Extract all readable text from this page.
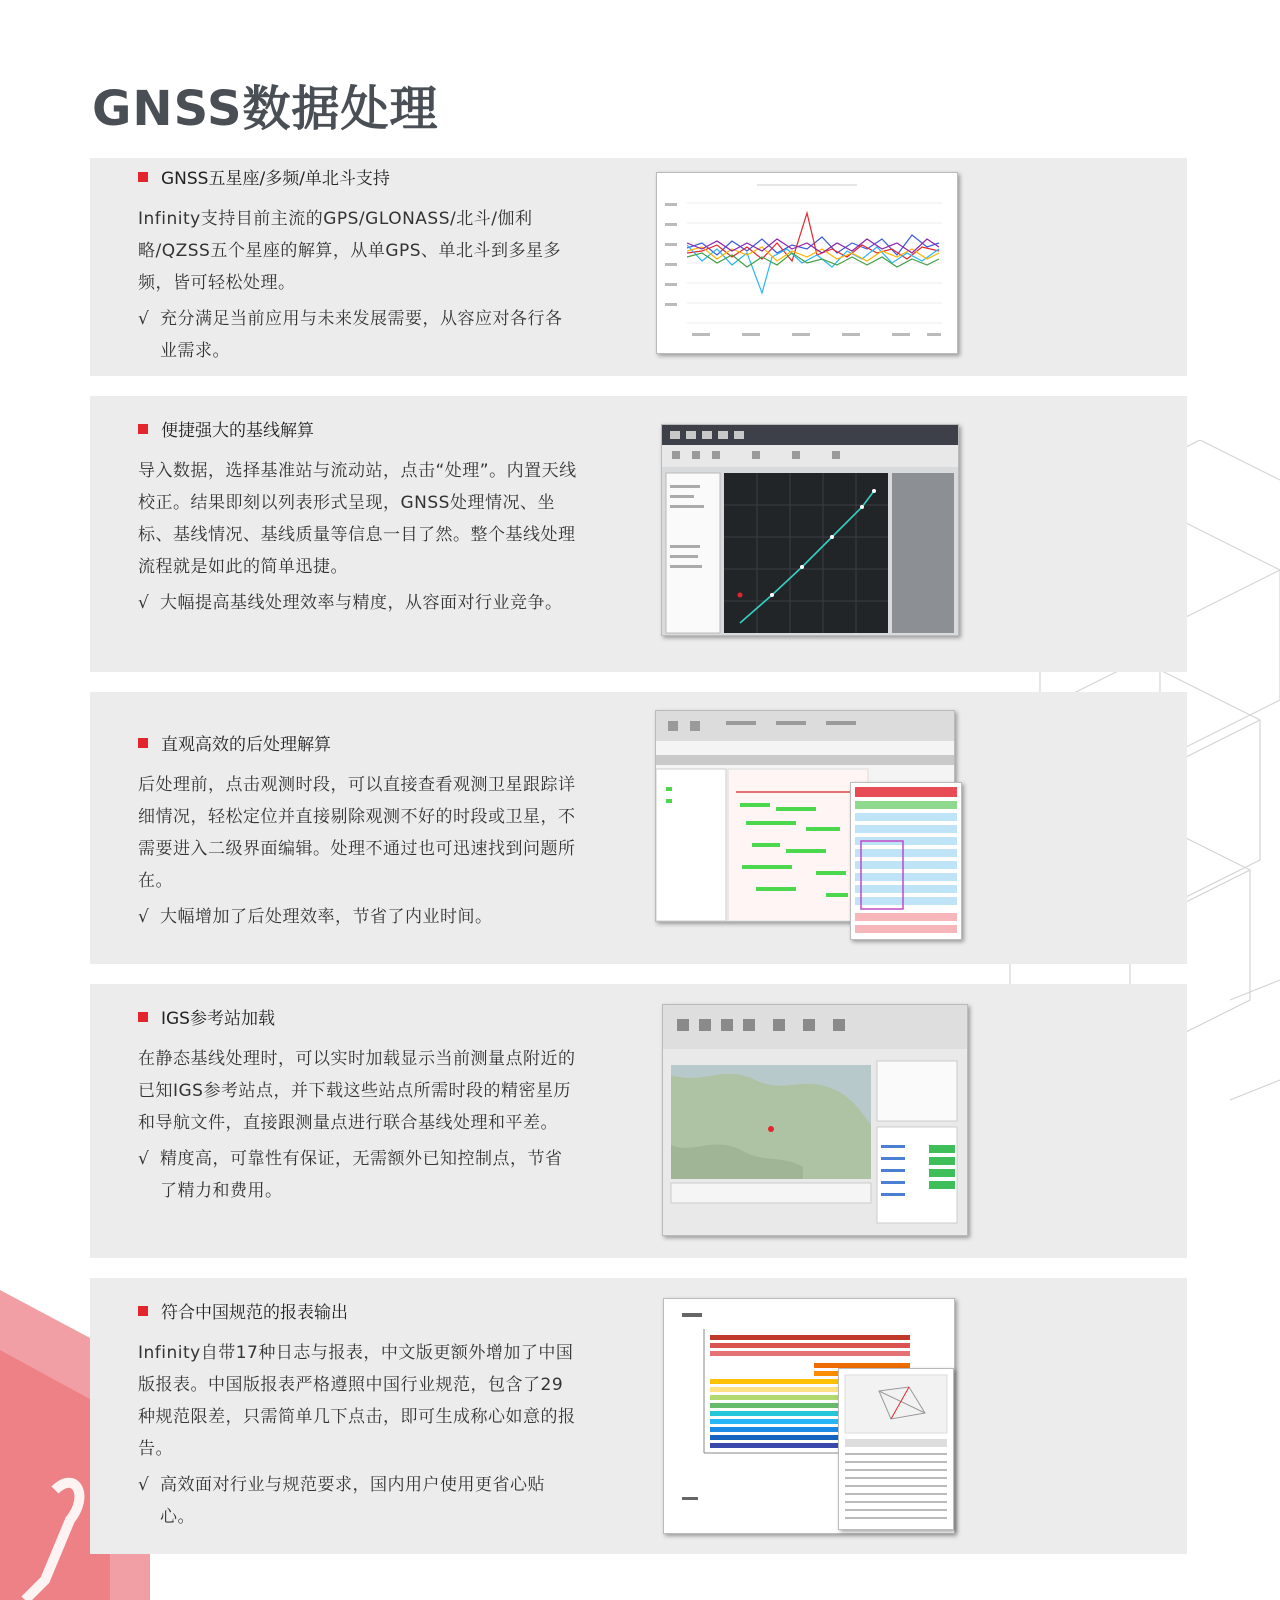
GNSS数据处理

GNSS五星座/多频/单北斗支持

Infinity支持目前主流的GPS/GLONASS/北斗/伽利略/QZSS五个星座的解算，从单GPS、单北斗到多星多频，皆可轻松处理。

√ 充分满足当前应用与未来发展需要，从容应对各行各业需求。

便捷强大的基线解算

导入数据，选择基准站与流动站，点击“处理”。内置天线校正。结果即刻以列表形式呈现，GNSS处理情况、坐标、基线情况、基线质量等信息一目了然。整个基线处理流程就是如此的简单迅捷。

√ 大幅提高基线处理效率与精度，从容面对行业竞争。

直观高效的后处理解算

后处理前，点击观测时段，可以直接查看观测卫星跟踪详细情况，轻松定位并直接剔除观测不好的时段或卫星，不需要进入二级界面编辑。处理不通过也可迅速找到问题所在。

√ 大幅增加了后处理效率，节省了内业时间。

IGS参考站加载

在静态基线处理时，可以实时加载显示当前测量点附近的已知IGS参考站点，并下载这些站点所需时段的精密星历和导航文件，直接跟测量点进行联合基线处理和平差。

√ 精度高，可靠性有保证，无需额外已知控制点，节省了精力和费用。

符合中国规范的报表输出

Infinity自带17种日志与报表，中文版更额外增加了中国版报表。中国版报表严格遵照中国行业规范，包含了29 种规范限差，只需简单几下点击，即可生成称心如意的报告。

√ 高效面对行业与规范要求，国内用户使用更省心贴心。
